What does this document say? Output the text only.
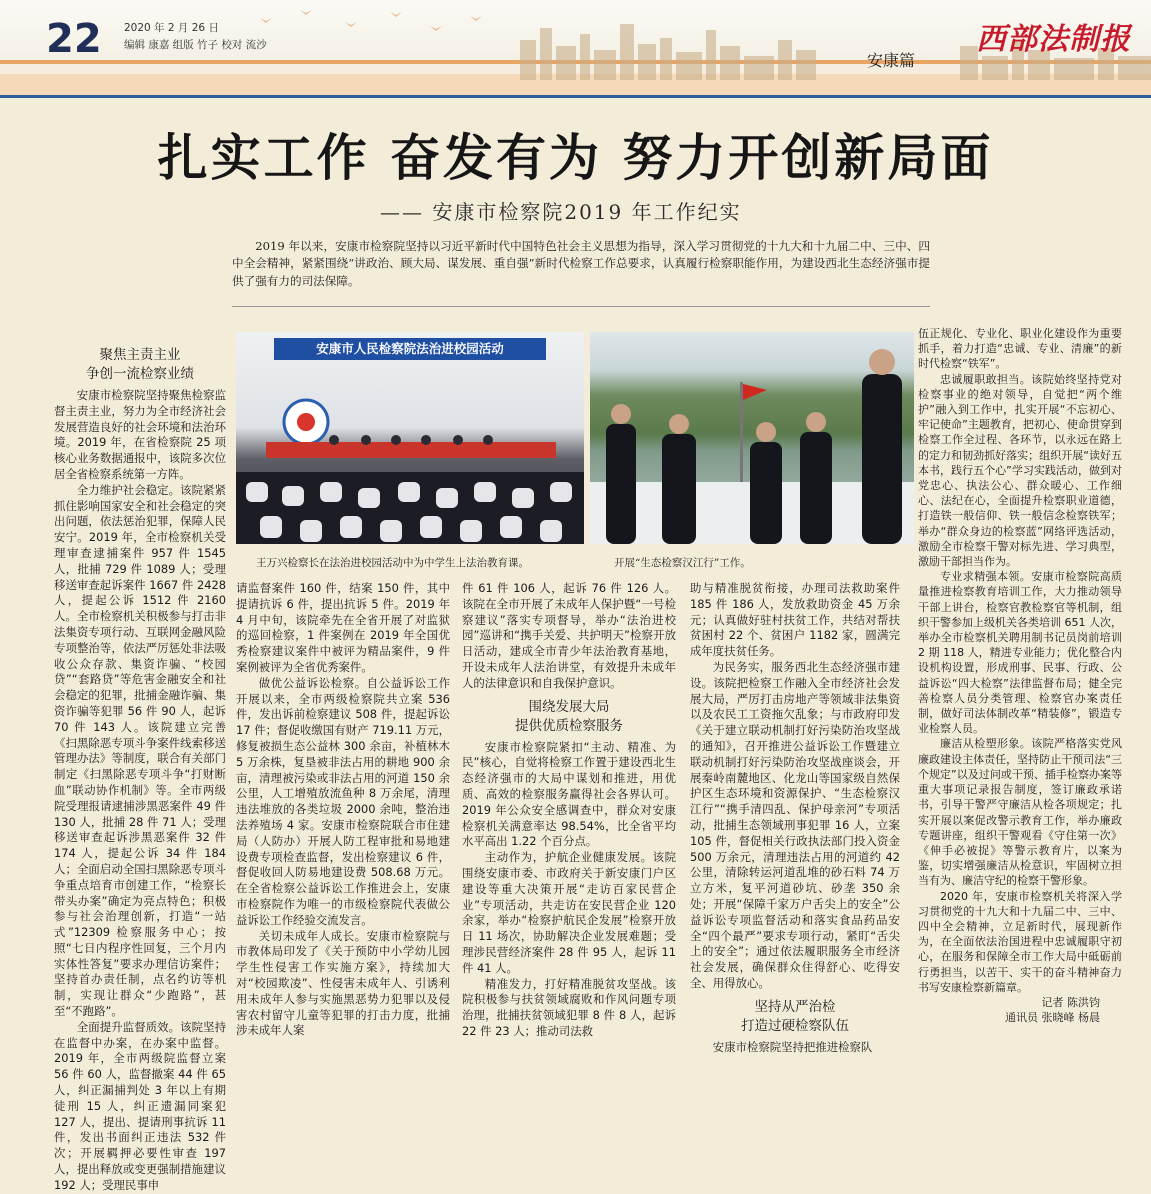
22 2020 年 2 月 26 日
编辑 康嘉 组版 竹子 校对 流沙	西部法制报
安康篇
扎实工作 奋发有为 努力开创新局面
—— 安康市检察院2019 年工作纪实
2019 年以来，安康市检察院坚持以习近平新时代中国特色社会主义思想为指导，深入学习贯彻党的十九大和十九届二中、三中、四中全会精神，紧紧围绕“讲政治、顾大局、谋发展、重自强”新时代检察工作总要求，认真履行检察职能作用，为建设西北生态经济强市提供了强有力的司法保障。
安康市人民检察院法治进校园活动
王万兴检察长在法治进校园活动中为中学生上法治教育课。	开展“生态检察汉江行”工作。
聚焦主责主业
争创一流检察业绩

安康市检察院坚持聚焦检察监督主责主业，努力为全市经济社会发展营造良好的社会环境和法治环境。2019 年，在省检察院 25 项核心业务数据通报中，该院多次位居全省检察系统第一方阵。

全力维护社会稳定。该院紧紧抓住影响国家安全和社会稳定的突出问题，依法惩治犯罪，保障人民安宁。2019 年，全市检察机关受理审查逮捕案件 957 件 1545 人，批捕 729 件 1089 人；受理移送审查起诉案件 1667 件 2428 人，提起公诉 1512 件 2160 人。全市检察机关积极参与打击非法集资专项行动、互联网金融风险专项整治等，依法严厉惩处非法吸收公众存款、集资诈骗、“校园贷”“套路贷”等危害金融安全和社会稳定的犯罪，批捕金融诈骗、集资诈骗等犯罪 56 件 90 人，起诉 70 件 143 人。该院建立完善《扫黑除恶专项斗争案件线索移送管理办法》等制度，联合有关部门制定《扫黑除恶专项斗争“打财断血”联动协作机制》等。全市两级院受理报请逮捕涉黑恶案件 49 件 130 人，批捕 28 件 71 人；受理移送审查起诉涉黑恶案件 32 件 174 人，提起公诉 34 件 184 人；全面启动全国扫黑除恶专项斗争重点培育市创建工作，“检察长带头办案”确定为亮点特色；积极参与社会治理创新，打造“一站式”12309 检察服务中心；按照“七日内程序性回复，三个月内实体性答复”要求办理信访案件；坚持首办责任制，点名约访等机制，实现让群众“少跑路”，甚至“不跑路”。

全面提升监督质效。该院坚持在监督中办案，在办案中监督。2019 年，全市两级院监督立案 56 件 60 人，监督撤案 44 件 65 人，纠正漏捕判处 3 年以上有期徒刑 15 人，纠正遗漏同案犯 127 人，提出、提请刑事抗诉 11 件，发出书面纠正违法 532 件次；开展羁押必要性审查 197 人，提出释放或变更强制措施建议 192 人；受理民事申

请监督案件 160 件，结案 150 件，其中提请抗诉 6 件，提出抗诉 5 件。2019 年 4 月中旬，该院牵先在全省开展了对监狱的巡回检察，1 件案例在 2019 年全国优秀检察建议案件中被评为精品案件，9 件案例被评为全省优秀案件。

做优公益诉讼检察。自公益诉讼工作开展以来，全市两级检察院共立案 536 件，发出诉前检察建议 508 件，提起诉讼 17 件；督促收缴国有财产 719.11 万元，修复被损生态公益林 300 余亩，补植林木 5 万余株，复垦被非法占用的耕地 900 余亩，清理被污染或非法占用的河道 150 余公里，人工增殖放流鱼种 8 万余尾，清理违法堆放的各类垃圾 2000 余吨，整治违法养殖场 4 家。安康市检察院联合市住建局（人防办）开展人防工程审批和易地建设费专项检查监督，发出检察建议 6 件，督促收回人防易地建设费 508.68 万元。在全省检察公益诉讼工作推进会上，安康市检察院作为唯一的市级检察院代表做公益诉讼工作经验交流发言。

关切未成年人成长。安康市检察院与市教体局印发了《关于预防中小学幼儿园学生性侵害工作实施方案》，持续加大对“校园欺凌”、性侵害未成年人、引诱利用未成年人参与实施黑恶势力犯罪以及侵害农村留守儿童等犯罪的打击力度，批捕涉未成年人案

件 61 件 106 人，起诉 76 件 126 人。该院在全市开展了未成年人保护暨“一号检察建议”落实专项督导，举办“法治进校园”巡讲和“携手关爱、共护明天”检察开放日活动，建成全市青少年法治教育基地，开设未成年人法治讲堂，有效提升未成年人的法律意识和自我保护意识。

围绕发展大局
提供优质检察服务

安康市检察院紧扣“主动、精准、为民”核心，自觉将检察工作置于建设西北生态经济强市的大局中谋划和推进，用优质、高效的检察服务赢得社会各界认可。2019 年公众安全感调查中，群众对安康检察机关满意率达 98.54%，比全省平均水平高出 1.22 个百分点。

主动作为，护航企业健康发展。该院围绕安康市委、市政府关于新安康门户区建设等重大决策开展“走访百家民营企业”专项活动，共走访在安民营企业 120 余家，举办“检察护航民企发展”检察开放日 11 场次，协助解决企业发展难题；受理涉民营经济案件 28 件 95 人，起诉 11 件 41 人。

精准发力，打好精准脱贫攻坚战。该院积极参与扶贫领域腐败和作风问题专项治理，批捕扶贫领域犯罪 8 件 8 人，起诉 22 件 23 人；推动司法救

助与精准脱贫衔接，办理司法救助案件 185 件 186 人，发放救助资金 45 万余元；认真做好驻村扶贫工作，共结对帮扶贫困村 22 个、贫困户 1182 家，圆满完成年度扶贫任务。

为民务实，服务西北生态经济强市建设。该院把检察工作融入全市经济社会发展大局，严厉打击房地产等领域非法集资以及农民工工资拖欠乱象；与市政府印发《关于建立联动机制打好污染防治攻坚战的通知》，召开推进公益诉讼工作暨建立联动机制打好污染防治攻坚战座谈会，开展秦岭南麓地区、化龙山等国家级自然保护区生态环境和资源保护、“生态检察汉江行”“携手清四乱、保护母亲河”专项活动，批捕生态领域刑事犯罪 16 人，立案 105 件，督促相关行政执法部门投入资金 500 万余元，清理违法占用的河道约 42 公里，清除转运河道乱堆的砂石料 74 万立方米，复平河道砂坑、砂垄 350 余处；开展“保障千家万户舌尖上的安全”公益诉讼专项监督活动和落实食品药品安全“四个最严”要求专项行动，紧盯“舌尖上的安全”；通过依法履职服务全市经济社会发展，确保群众住得舒心、吃得安全、用得放心。

坚持从严治检
打造过硬检察队伍

安康市检察院坚持把推进检察队

伍正规化、专业化、职业化建设作为重要抓手，着力打造“忠诚、专业、清廉”的新时代检察“铁军”。

忠诚履职敢担当。该院始终坚持党对检察事业的绝对领导，自觉把“两个维护”融入到工作中，扎实开展“不忘初心、牢记使命”主题教育，把初心、使命贯穿到检察工作全过程、各环节，以永远在路上的定力和韧劲抓好落实；组织开展“读好五本书，践行五个心”学习实践活动，做到对党忠心、执法公心、群众暖心、工作细心、法纪在心，全面提升检察职业道德，打造铁一般信仰、铁一般信念检察铁军；举办“群众身边的检察蓝”网络评选活动，激励全市检察干警对标先进、学习典型，激励干部担当作为。

专业求精强本领。安康市检察院高质量推进检察教育培训工作，大力推动领导干部上讲台，检察官教检察官等机制，组织干警参加上级机关各类培训 651 人次，举办全市检察机关聘用制书记员岗前培训 2 期 118 人，精进专业能力；优化整合内设机构设置，形成刑事、民事、行政、公益诉讼“四大检察”法律监督布局；健全完善检察人员分类管理、检察官办案责任制，做好司法体制改革“精装修”，锻造专业检察人员。

廉洁从检塑形象。该院严格落实党风廉政建设主体责任，坚持防止干预司法“三个规定”以及过问或干预、插手检察办案等重大事项记录报告制度，签订廉政承诺书，引导干警严守廉洁从检各项规定；扎实开展以案促改警示教育工作，举办廉政专题讲座，组织干警观看《守住第一次》《伸手必被捉》等警示教育片，以案为鉴，切实增强廉洁从检意识，牢固树立担当有为、廉洁守纪的检察干警形象。

2020 年，安康市检察机关将深入学习贯彻党的十九大和十九届二中、三中、四中全会精神，立足新时代，展现新作为，在全面依法治国进程中忠诚履职守初心，在服务和保障全市工作大局中砥砺前行勇担当，以苦干、实干的奋斗精神奋力书写安康检察新篇章。

记者 陈洪钧

通讯员 张晓峰 杨晨
